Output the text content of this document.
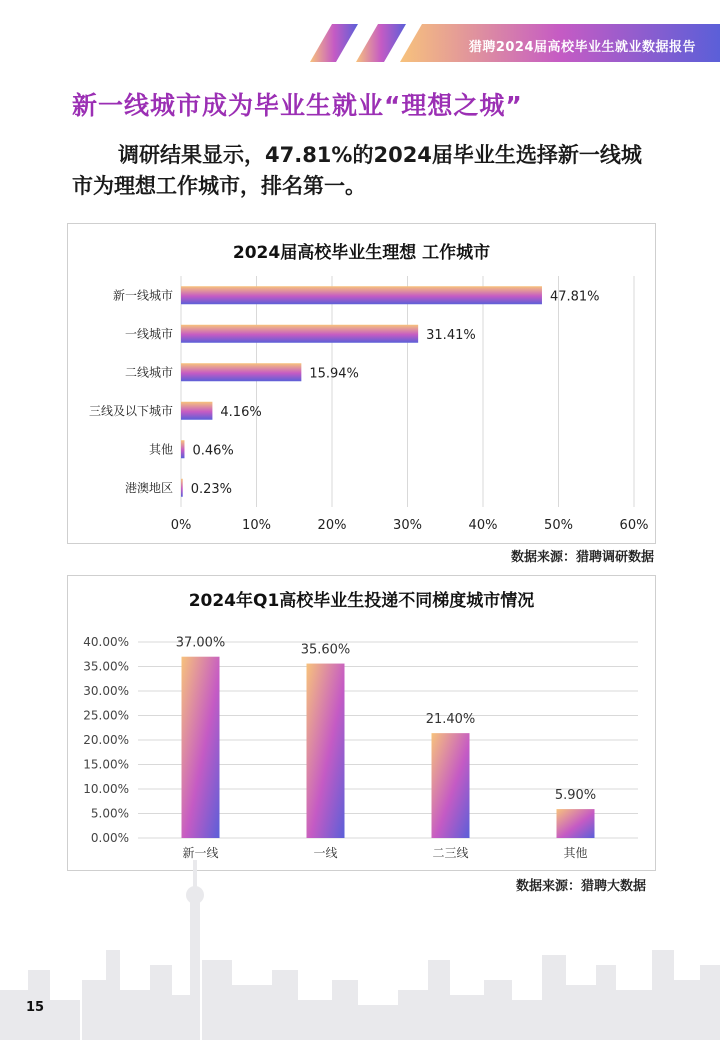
猎聘2024届高校毕业生就业数据报告
新一线城市成为毕业生就业“理想之城”
调研结果显示，47.81%的2024届毕业生选择新一线城市为理想工作城市，排名第一。
2024届高校毕业生理想 工作城市
0%	10%	20%	30%	40%	50%	60%
新一线城市	47.81%
一线城市	31.41%
二线城市	15.94%
三线及以下城市	4.16%
其他 0.46%
港澳地区 0.23%
数据来源：猎聘调研数据
2024年Q1高校毕业生投递不同梯度城市情况
0.00%
5.00%
10.00%
15.00%
20.00%
25.00%
30.00%
35.00%
40.00%	37.00%
新一线
35.60%
一线
21.40%
二三线
5.90%
其他
数据来源：猎聘大数据
15
